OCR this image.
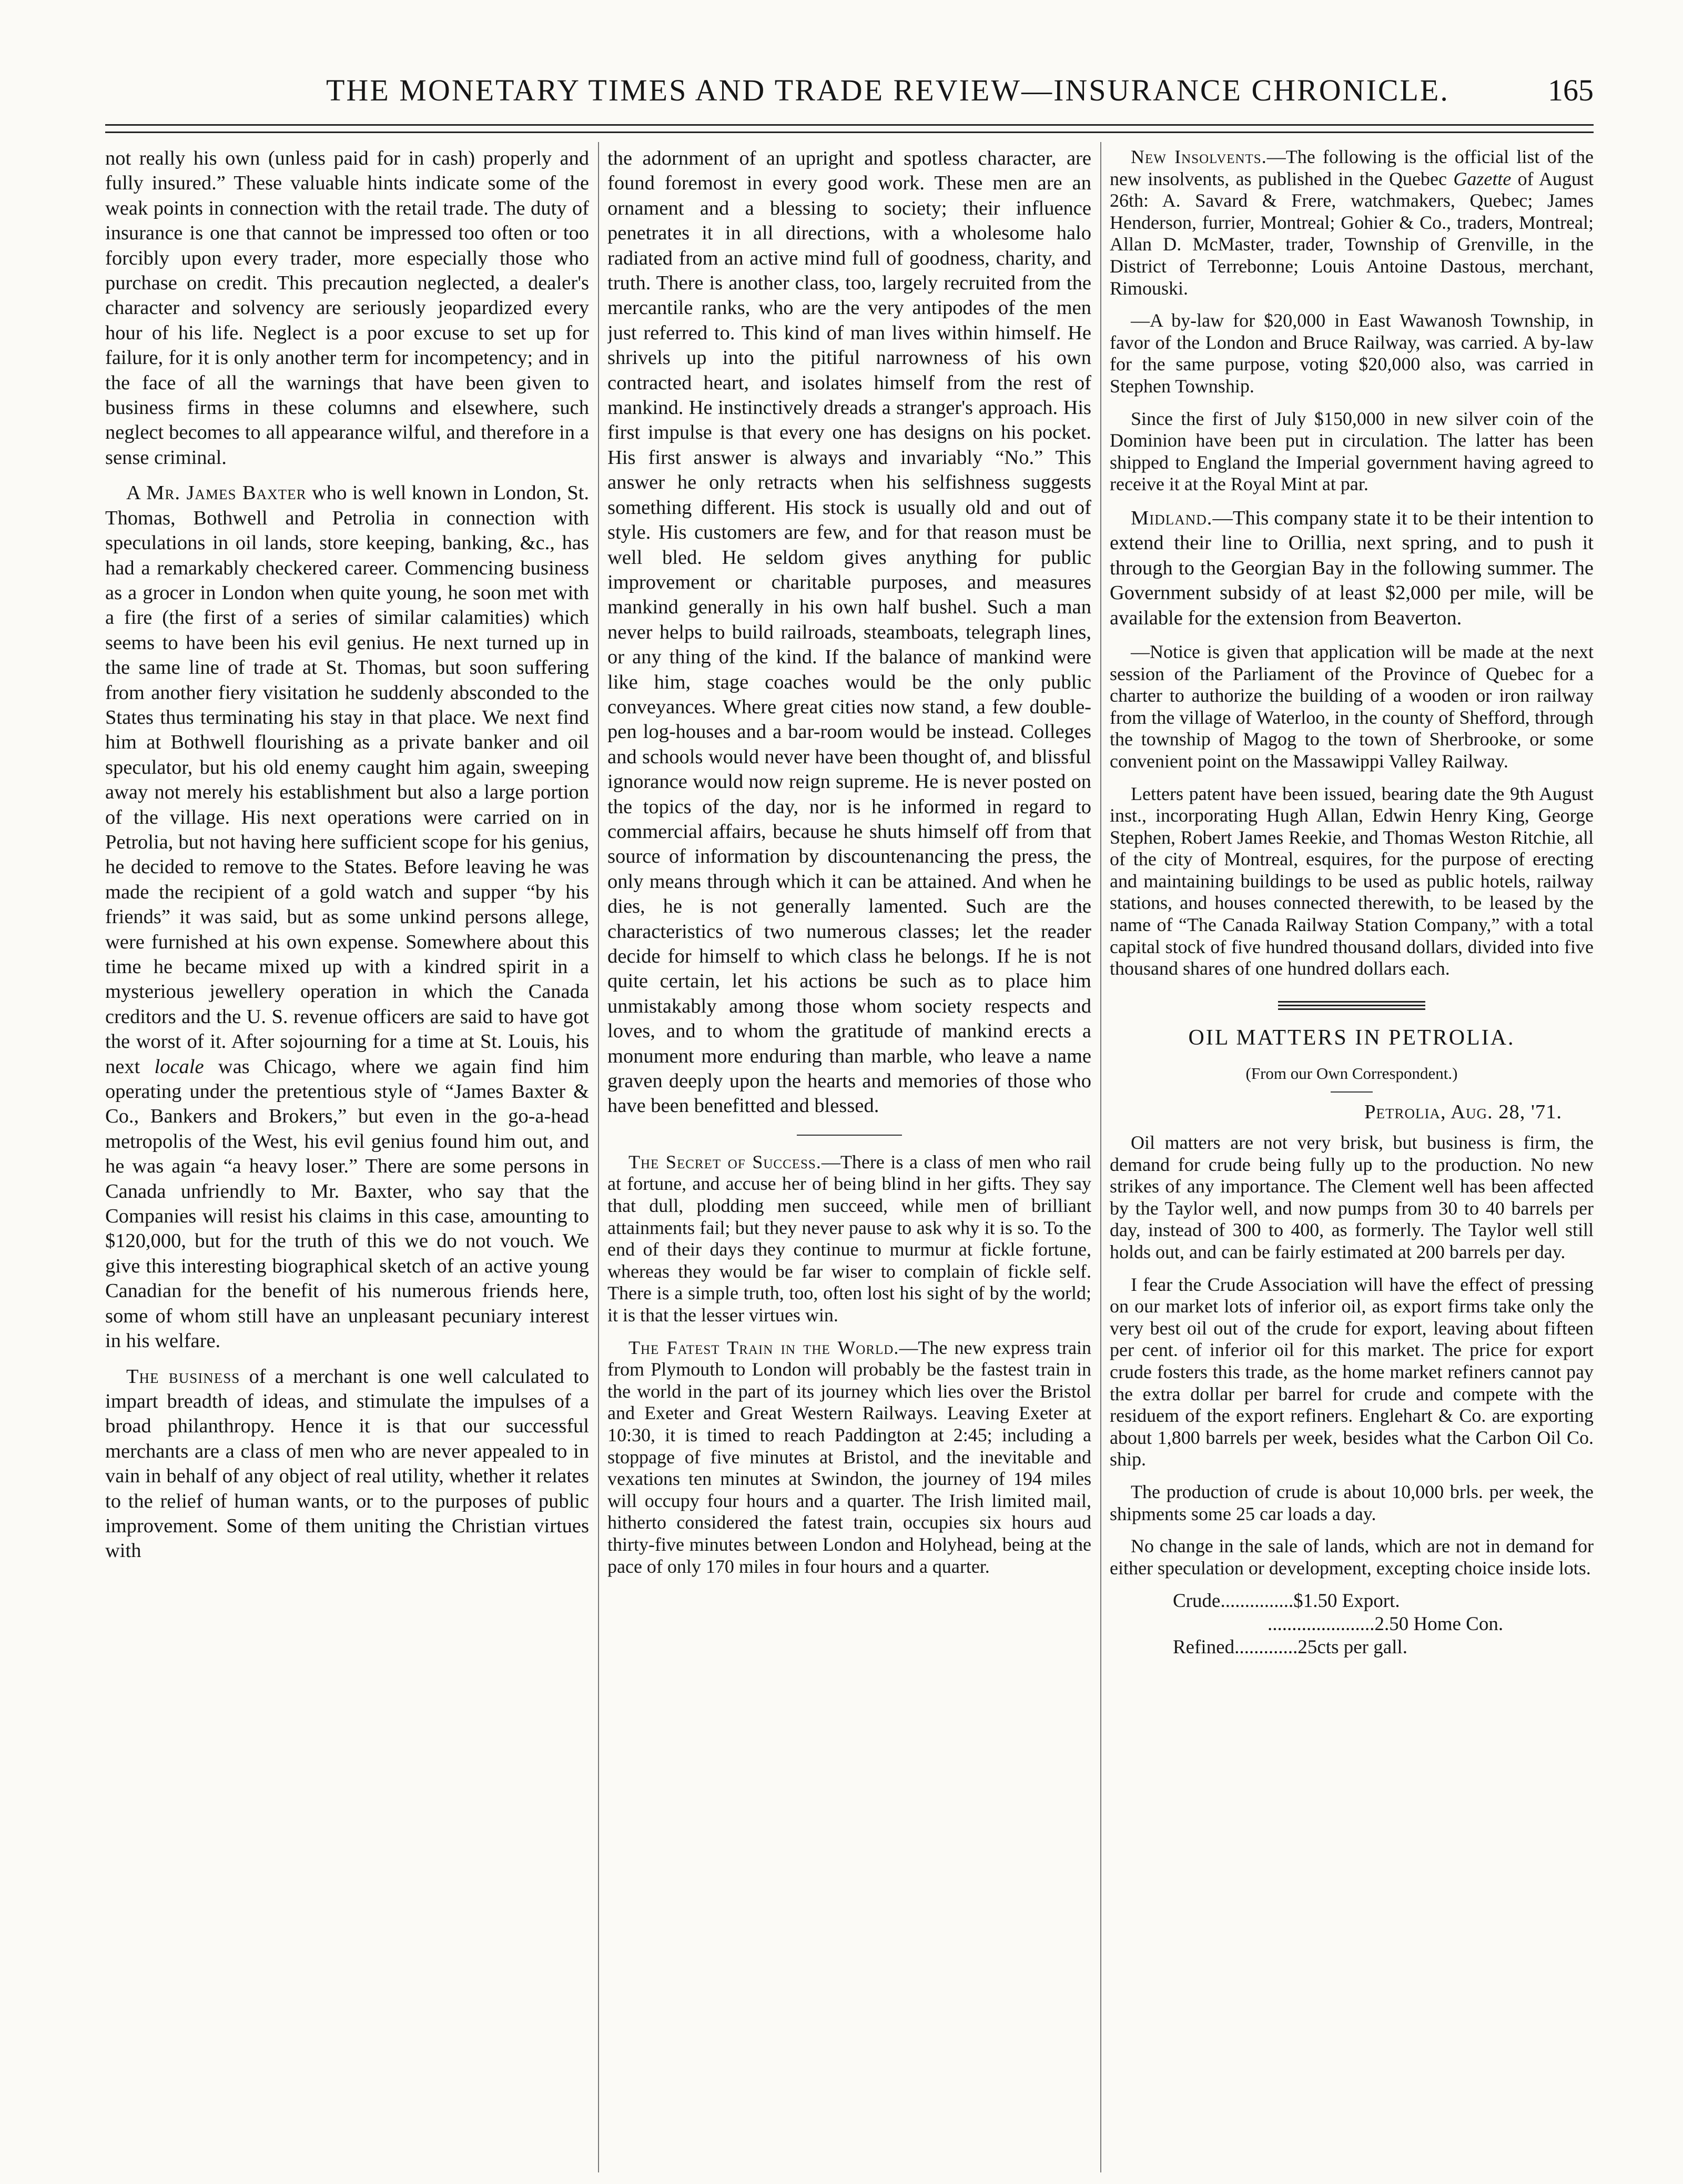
THE MONETARY TIMES AND TRADE REVIEW—INSURANCE CHRONICLE.	165

not really his own (unless paid for in cash) properly and fully insured.” These valuable hints indicate some of the weak points in connection with the retail trade. The duty of insurance is one that cannot be impressed too often or too forcibly upon every trader, more especially those who purchase on credit. This precaution neglected, a dealer's character and solvency are seriously jeopardized every hour of his life. Neglect is a poor excuse to set up for failure, for it is only another term for incompetency; and in the face of all the warnings that have been given to business firms in these columns and elsewhere, such neglect becomes to all appearance wilful, and therefore in a sense criminal.

A Mr. James Baxter who is well known in London, St. Thomas, Bothwell and Petrolia in connection with speculations in oil lands, store keeping, banking, &c., has had a remarkably checkered career. Commencing business as a grocer in London when quite young, he soon met with a fire (the first of a series of similar calamities) which seems to have been his evil genius. He next turned up in the same line of trade at St. Thomas, but soon suffering from another fiery visitation he suddenly absconded to the States thus terminating his stay in that place. We next find him at Bothwell flourishing as a private banker and oil speculator, but his old enemy caught him again, sweeping away not merely his establishment but also a large portion of the village. His next operations were carried on in Petrolia, but not having here sufficient scope for his genius, he decided to remove to the States. Before leaving he was made the recipient of a gold watch and supper “by his friends” it was said, but as some unkind persons allege, were furnished at his own expense. Somewhere about this time he became mixed up with a kindred spirit in a mysterious jewellery operation in which the Canada creditors and the U. S. revenue officers are said to have got the worst of it. After sojourning for a time at St. Louis, his next locale was Chicago, where we again find him operating under the pretentious style of “James Baxter & Co., Bankers and Brokers,” but even in the go-a-head metropolis of the West, his evil genius found him out, and he was again “a heavy loser.” There are some persons in Canada unfriendly to Mr. Baxter, who say that the Companies will resist his claims in this case, amounting to $120,000, but for the truth of this we do not vouch. We give this interesting biographical sketch of an active young Canadian for the benefit of his numerous friends here, some of whom still have an unpleasant pecuniary interest in his welfare.

The business of a merchant is one well calculated to impart breadth of ideas, and stimulate the impulses of a broad philanthropy. Hence it is that our successful merchants are a class of men who are never appealed to in vain in behalf of any object of real utility, whether it relates to the relief of human wants, or to the purposes of public improvement. Some of them uniting the Christian virtues with

the adornment of an upright and spotless character, are found foremost in every good work. These men are an ornament and a blessing to society; their influence penetrates it in all directions, with a wholesome halo radiated from an active mind full of goodness, charity, and truth. There is another class, too, largely recruited from the mercantile ranks, who are the very antipodes of the men just referred to. This kind of man lives within himself. He shrivels up into the pitiful narrowness of his own contracted heart, and isolates himself from the rest of mankind. He instinctively dreads a stranger's approach. His first impulse is that every one has designs on his pocket. His first answer is always and invariably “No.” This answer he only retracts when his selfishness suggests something different. His stock is usually old and out of style. His customers are few, and for that reason must be well bled. He seldom gives anything for public improvement or charitable purposes, and measures mankind generally in his own half bushel. Such a man never helps to build railroads, steamboats, telegraph lines, or any thing of the kind. If the balance of mankind were like him, stage coaches would be the only public conveyances. Where great cities now stand, a few double-pen log-houses and a bar-room would be instead. Colleges and schools would never have been thought of, and blissful ignorance would now reign supreme. He is never posted on the topics of the day, nor is he informed in regard to commercial affairs, because he shuts himself off from that source of information by discountenancing the press, the only means through which it can be attained. And when he dies, he is not generally lamented. Such are the characteristics of two numerous classes; let the reader decide for himself to which class he belongs. If he is not quite certain, let his actions be such as to place him unmistakably among those whom society respects and loves, and to whom the gratitude of mankind erects a monument more enduring than marble, who leave a name graven deeply upon the hearts and memories of those who have been benefitted and blessed.

The Secret of Success.—There is a class of men who rail at fortune, and accuse her of being blind in her gifts. They say that dull, plodding men succeed, while men of brilliant attainments fail; but they never pause to ask why it is so. To the end of their days they continue to murmur at fickle fortune, whereas they would be far wiser to complain of fickle self. There is a simple truth, too, often lost his sight of by the world; it is that the lesser virtues win.

The Fatest Train in the World.—The new express train from Plymouth to London will probably be the fastest train in the world in the part of its journey which lies over the Bristol and Exeter and Great Western Railways. Leaving Exeter at 10:30, it is timed to reach Paddington at 2:45; including a stoppage of five minutes at Bristol, and the inevitable and vexations ten minutes at Swindon, the journey of 194 miles will occupy four hours and a quarter. The Irish limited mail, hitherto considered the fatest train, occupies six hours aud thirty-five minutes between London and Holyhead, being at the pace of only 170 miles in four hours and a quarter.

New Insolvents.—The following is the official list of the new insolvents, as published in the Quebec Gazette of August 26th: A. Savard & Frere, watchmakers, Quebec; James Henderson, furrier, Montreal; Gohier & Co., traders, Montreal; Allan D. McMaster, trader, Township of Grenville, in the District of Terrebonne; Louis Antoine Dastous, merchant, Rimouski.

—A by-law for $20,000 in East Wawanosh Township, in favor of the London and Bruce Railway, was carried. A by-law for the same purpose, voting $20,000 also, was carried in Stephen Township.

Since the first of July $150,000 in new silver coin of the Dominion have been put in circulation. The latter has been shipped to England the Imperial government having agreed to receive it at the Royal Mint at par.

Midland.—This company state it to be their intention to extend their line to Orillia, next spring, and to push it through to the Georgian Bay in the following summer. The Government subsidy of at least $2,000 per mile, will be available for the extension from Beaverton.

—Notice is given that application will be made at the next session of the Parliament of the Province of Quebec for a charter to authorize the building of a wooden or iron railway from the village of Waterloo, in the county of Shefford, through the township of Magog to the town of Sherbrooke, or some convenient point on the Massawippi Valley Railway.

Letters patent have been issued, bearing date the 9th August inst., incorporating Hugh Allan, Edwin Henry King, George Stephen, Robert James Reekie, and Thomas Weston Ritchie, all of the city of Montreal, esquires, for the purpose of erecting and maintaining buildings to be used as public hotels, railway stations, and houses connected therewith, to be leased by the name of “The Canada Railway Station Company,” with a total capital stock of five hundred thousand dollars, divided into five thousand shares of one hundred dollars each.

OIL MATTERS IN PETROLIA.
(From our Own Correspondent.)
Petrolia, Aug. 28, '71.

Oil matters are not very brisk, but business is firm, the demand for crude being fully up to the production. No new strikes of any importance. The Clement well has been affected by the Taylor well, and now pumps from 30 to 40 barrels per day, instead of 300 to 400, as formerly. The Taylor well still holds out, and can be fairly estimated at 200 barrels per day.

I fear the Crude Association will have the effect of pressing on our market lots of inferior oil, as export firms take only the very best oil out of the crude for export, leaving about fifteen per cent. of inferior oil for this market. The price for export crude fosters this trade, as the home market refiners cannot pay the extra dollar per barrel for crude and compete with the residuem of the export refiners. Englehart & Co. are exporting about 1,800 barrels per week, besides what the Carbon Oil Co. ship.

The production of crude is about 10,000 brls. per week, the shipments some 25 car loads a day.

No change in the sale of lands, which are not in demand for either speculation or development, excepting choice inside lots.

Crude...............$1.50 Export.
......................2.50 Home Con.
Refined.............25cts per gall.
